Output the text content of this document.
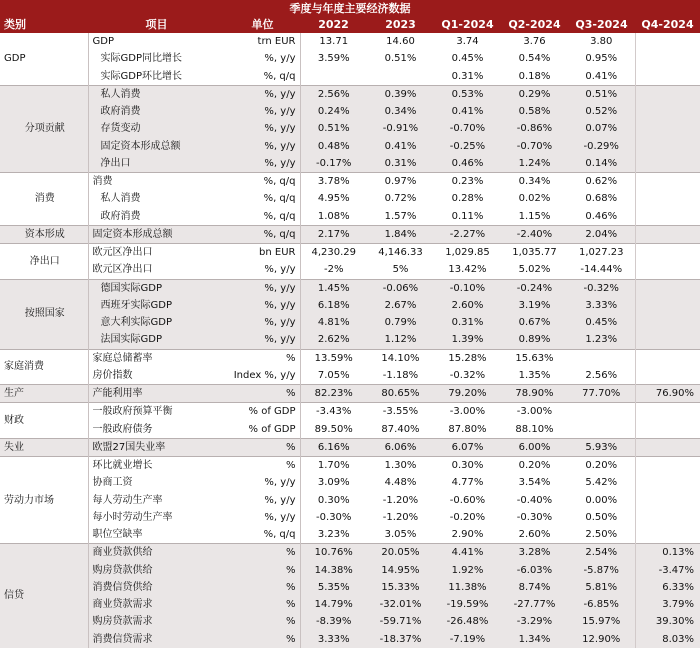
季度与年度主要经济数据
类别	项目	单位	2022	2023	Q1-2024	Q2-2024	Q3-2024	Q4-2024
GDP	GDP	trn EUR	13.71	14.60	3.74	3.76	3.80	
	实际GDP同比增长	%, y/y	3.59%	0.51%	0.45%	0.54%	0.95%	
	实际GDP环比增长	%, q/q			0.31%	0.18%	0.41%	
分项贡献	私人消费	%, y/y	2.56%	0.39%	0.53%	0.29%	0.51%	
	政府消费	%, y/y	0.24%	0.34%	0.41%	0.58%	0.52%	
	存货变动	%, y/y	0.51%	-0.91%	-0.70%	-0.86%	0.07%	
	固定资本形成总额	%, y/y	0.48%	0.41%	-0.25%	-0.70%	-0.29%	
	净出口	%, y/y	-0.17%	0.31%	0.46%	1.24%	0.14%	
消费	消费	%, q/q	3.78%	0.97%	0.23%	0.34%	0.62%	
	私人消费	%, q/q	4.95%	0.72%	0.28%	0.02%	0.68%	
	政府消费	%, q/q	1.08%	1.57%	0.11%	1.15%	0.46%	
资本形成	固定资本形成总额	%, q/q	2.17%	1.84%	-2.27%	-2.40%	2.04%	
净出口	欧元区净出口	bn EUR	4,230.29	4,146.33	1,029.85	1,035.77	1,027.23	
	欧元区净出口	%, y/y	-2%	5%	13.42%	5.02%	-14.44%	
按照国家	德国实际GDP	%, y/y	1.45%	-0.06%	-0.10%	-0.24%	-0.32%	
	西班牙实际GDP	%, y/y	6.18%	2.67%	2.60%	3.19%	3.33%	
	意大利实际GDP	%, y/y	4.81%	0.79%	0.31%	0.67%	0.45%	
	法国实际GDP	%, y/y	2.62%	1.12%	1.39%	0.89%	1.23%	
家庭消费	家庭总储蓄率	%	13.59%	14.10%	15.28%	15.63%		
	房价指数	Index %, y/y	7.05%	-1.18%	-0.32%	1.35%	2.56%	
生产	产能利用率	%	82.23%	80.65%	79.20%	78.90%	77.70%	76.90%
财政	一般政府预算平衡	% of GDP	-3.43%	-3.55%	-3.00%	-3.00%		
	一般政府债务	% of GDP	89.50%	87.40%	87.80%	88.10%		
失业	欧盟27国失业率	%	6.16%	6.06%	6.07%	6.00%	5.93%	
劳动力市场	环比就业增长	%	1.70%	1.30%	0.30%	0.20%	0.20%	
	协商工资	%, y/y	3.09%	4.48%	4.77%	3.54%	5.42%	
	每人劳动生产率	%, y/y	0.30%	-1.20%	-0.60%	-0.40%	0.00%	
	每小时劳动生产率	%, y/y	-0.30%	-1.20%	-0.20%	-0.30%	0.50%	
	职位空缺率	%, q/q	3.23%	3.05%	2.90%	2.60%	2.50%	
信贷	商业贷款供给	%	10.76%	20.05%	4.41%	3.28%	2.54%	0.13%
	购房贷款供给	%	14.38%	14.95%	1.92%	-6.03%	-5.87%	-3.47%
	消费信贷供给	%	5.35%	15.33%	11.38%	8.74%	5.81%	6.33%
	商业贷款需求	%	14.79%	-32.01%	-19.59%	-27.77%	-6.85%	3.79%
	购房贷款需求	%	-8.39%	-59.71%	-26.48%	-3.29%	15.97%	39.30%
	消费信贷需求	%	3.33%	-18.37%	-7.19%	1.34%	12.90%	8.03%
